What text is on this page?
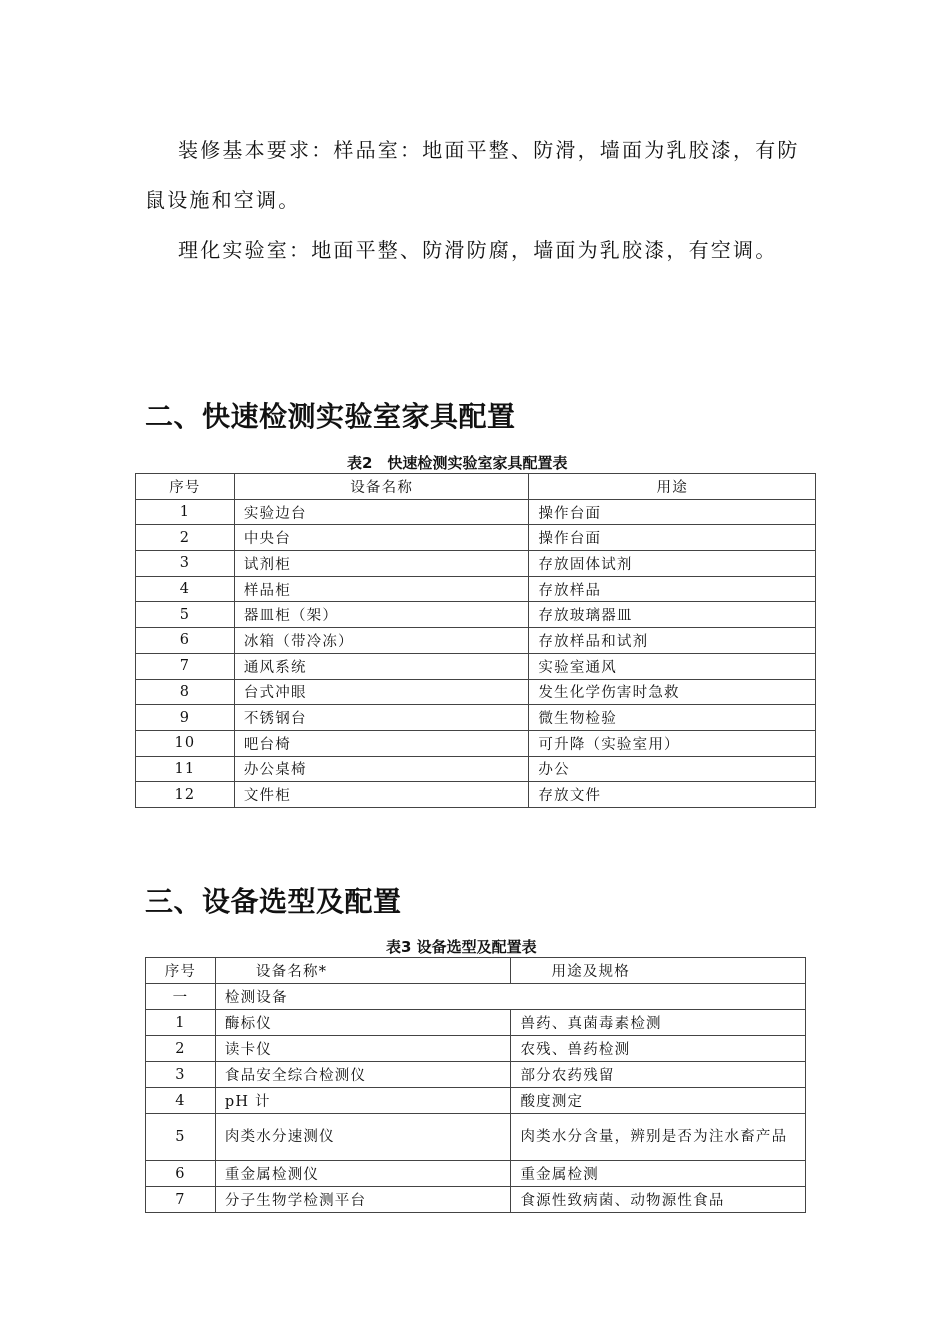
装修基本要求：样品室：地面平整、防滑，墙面为乳胶漆，有防
鼠设施和空调。
理化实验室：地面平整、防滑防腐，墙面为乳胶漆，有空调。
二、快速检测实验室家具配置
表2　快速检测实验室家具配置表
序号	设备名称	用途
1	实验边台	操作台面
2	中央台	操作台面
3	试剂柜	存放固体试剂
4	样品柜	存放样品
5	器皿柜（架）	存放玻璃器皿
6	冰箱（带冷冻）	存放样品和试剂
7	通风系统	实验室通风
8	台式冲眼	发生化学伤害时急救
9	不锈钢台	微生物检验
10	吧台椅	可升降（实验室用）
11	办公桌椅	办公
12	文件柜	存放文件
三、设备选型及配置
表3 设备选型及配置表
序号	设备名称*	用途及规格
一	检测设备	
1	酶标仪	兽药、真菌毒素检测
2	读卡仪	农残、兽药检测
3	食品安全综合检测仪	部分农药残留
4	pH 计	酸度测定
5	肉类水分速测仪	肉类水分含量，辨别是否为注水畜产品
6	重金属检测仪	重金属检测
7	分子生物学检测平台	食源性致病菌、动物源性食品
